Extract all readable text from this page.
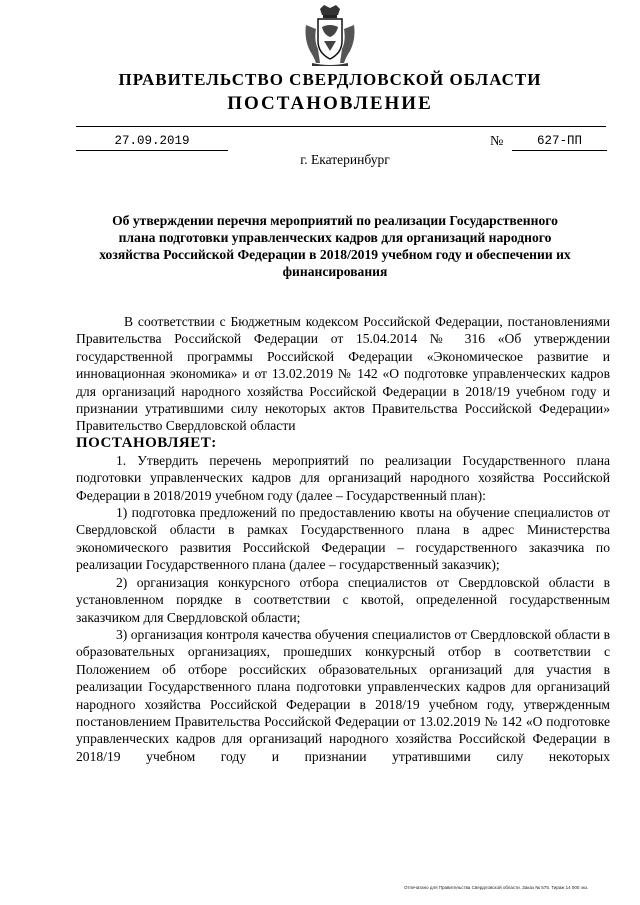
ПРАВИТЕЛЬСТВО СВЕРДЛОВСКОЙ ОБЛАСТИ
ПОСТАНОВЛЕНИЕ
27.09.2019	№	627-ПП
г. Екатеринбург
Об утверждении перечня мероприятий по реализации Государственного плана подготовки управленческих кадров для организаций народного хозяйства Российской Федерации в 2018/2019 учебном году и обеспечении их финансирования

В соответствии с Бюджетным кодексом Российской Федерации, постановлениями Правительства Российской Федерации от 15.04.2014 № 316 «Об утверждении государственной программы Российской Федерации «Экономическое развитие и инновационная экономика» и от 13.02.2019 № 142 «О подготовке управленческих кадров для организаций народного хозяйства Российской Федерации в 2018/19 учебном году и признании утратившими силу некоторых актов Правительства Российской Федерации» Правительство Свердловской области

ПОСТАНОВЛЯЕТ:

1. Утвердить перечень мероприятий по реализации Государственного плана подготовки управленческих кадров для организаций народного хозяйства Российской Федерации в 2018/2019 учебном году (далее – Государственный план):

1) подготовка предложений по предоставлению квоты на обучение специалистов от Свердловской области в рамках Государственного плана в адрес Министерства экономического развития Российской Федерации – государственного заказчика по реализации Государственного плана (далее – государственный заказчик);

2) организация конкурсного отбора специалистов от Свердловской области в установленном порядке в соответствии с квотой, определенной государственным заказчиком для Свердловской области;

3) организация контроля качества обучения специалистов от Свердловской области в образовательных организациях, прошедших конкурсный отбор в соответствии с Положением об отборе российских образовательных организаций для участия в реализации Государственного плана подготовки управленческих кадров для организаций народного хозяйства Российской Федерации в 2018/19 учебном году, утвержденным постановлением Правительства Российской Федерации от 13.02.2019 № 142 «О подготовке управленческих кадров для организаций народного хозяйства Российской Федерации в 2018/19 учебном году и признании утратившими силу некоторых

Отпечатано для Правительства Свердловской области. Заказ № 575. Тираж 14 000 экз.
